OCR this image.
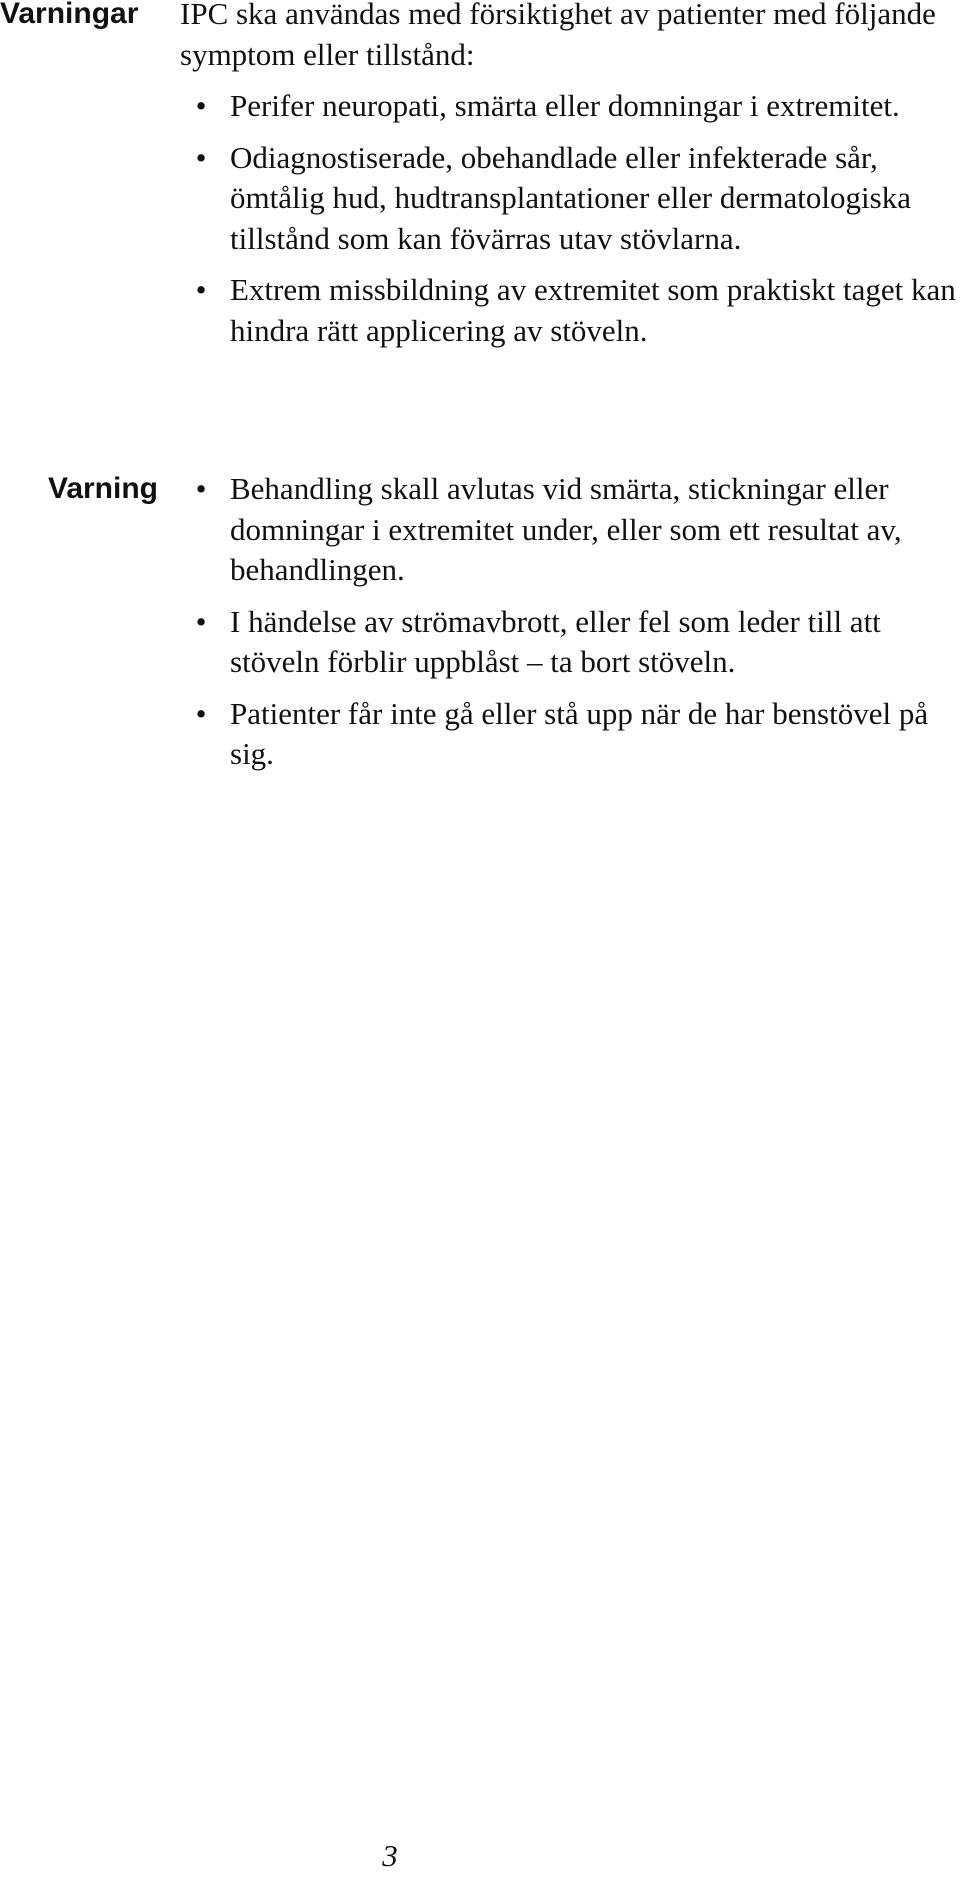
Varningar IPC ska användas med försiktighet av patienter med följande symptom eller tillstånd:

• Perifer neuropati, smärta eller domningar i extremitet.
• Odiagnostiserade, obehandlade eller infekterade sår, ömtålig hud, hudtransplantationer eller dermatologiska tillstånd som kan fövärras utav stövlarna.
• Extrem missbildning av extremitet som praktiskt taget kan hindra rätt applicering av stöveln.
Varning • Behandling skall avlutas vid smärta, stickningar eller domningar i extremitet under, eller som ett resultat av, behandlingen.
• I händelse av strömavbrott, eller fel som leder till att stöveln förblir uppblåst – ta bort stöveln.
• Patienter får inte gå eller stå upp när de har benstövel på sig.
3
